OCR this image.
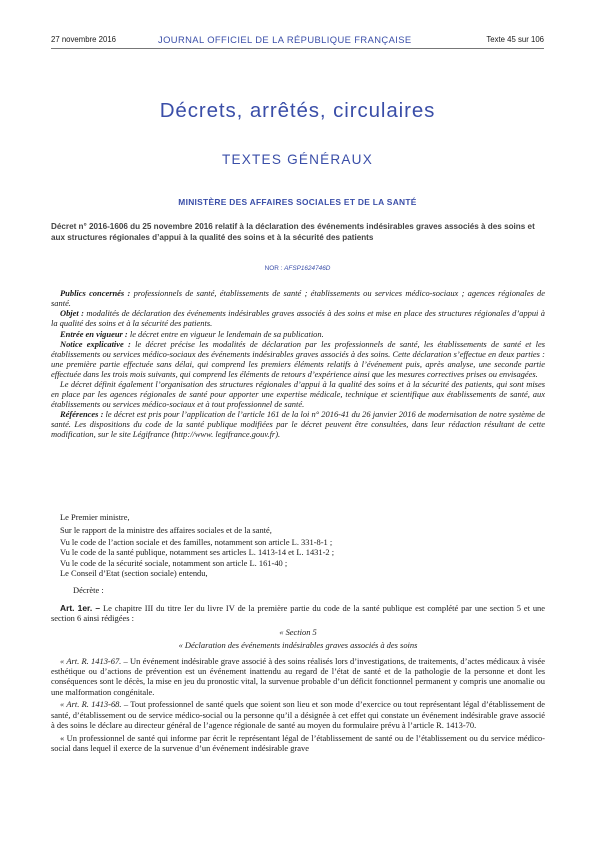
27 novembre 2016	JOURNAL OFFICIEL DE LA RÉPUBLIQUE FRANÇAISE	Texte 45 sur 106
Décrets, arrêtés, circulaires
TEXTES GÉNÉRAUX
MINISTÈRE DES AFFAIRES SOCIALES ET DE LA SANTÉ
Décret n° 2016-1606 du 25 novembre 2016 relatif à la déclaration des événements indésirables graves associés à des soins et aux structures régionales d’appui à la qualité des soins et à la sécurité des patients
NOR : AFSP1624746D

Publics concernés : professionnels de santé, établissements de santé ; établissements ou services médico-sociaux ; agences régionales de santé.

Objet : modalités de déclaration des événements indésirables graves associés à des soins et mise en place des structures régionales d’appui à la qualité des soins et à la sécurité des patients.

Entrée en vigueur : le décret entre en vigueur le lendemain de sa publication.

Notice explicative : le décret précise les modalités de déclaration par les professionnels de santé, les établissements de santé et les établissements ou services médico-sociaux des événements indésirables graves associés à des soins. Cette déclaration s’effectue en deux parties : une première partie effectuée sans délai, qui comprend les premiers éléments relatifs à l’événement puis, après analyse, une seconde partie effectuée dans les trois mois suivants, qui comprend les éléments de retours d’expérience ainsi que les mesures correctives prises ou envisagées.

Le décret définit également l’organisation des structures régionales d’appui à la qualité des soins et à la sécurité des patients, qui sont mises en place par les agences régionales de santé pour apporter une expertise médicale, technique et scientifique aux établissements de santé, aux établissements ou services médico-sociaux et à tout professionnel de santé.

Références : le décret est pris pour l’application de l’article 161 de la loi n° 2016-41 du 26 janvier 2016 de modernisation de notre système de santé. Les dispositions du code de la santé publique modifiées par le décret peuvent être consultées, dans leur rédaction résultant de cette modification, sur le site Légifrance (http://www. legifrance.gouv.fr).

Le Premier ministre,

Sur le rapport de la ministre des affaires sociales et de la santé,

Vu le code de l’action sociale et des familles, notamment son article L. 331-8-1 ;

Vu le code de la santé publique, notamment ses articles L. 1413-14 et L. 1431-2 ;

Vu le code de la sécurité sociale, notamment son article L. 161-40 ;

Le Conseil d’Etat (section sociale) entendu,

Décrète :

Art. 1er. – Le chapitre III du titre Ier du livre IV de la première partie du code de la santé publique est complété par une section 5 et une section 6 ainsi rédigées :

« Section 5

« Déclaration des événements indésirables graves associés à des soins

« Art. R. 1413-67. – Un événement indésirable grave associé à des soins réalisés lors d’investigations, de traitements, d’actes médicaux à visée esthétique ou d’actions de prévention est un événement inattendu au regard de l’état de santé et de la pathologie de la personne et dont les conséquences sont le décès, la mise en jeu du pronostic vital, la survenue probable d’un déficit fonctionnel permanent y compris une anomalie ou une malformation congénitale.

« Art. R. 1413-68. – Tout professionnel de santé quels que soient son lieu et son mode d’exercice ou tout représentant légal d’établissement de santé, d’établissement ou de service médico-social ou la personne qu’il a désignée à cet effet qui constate un événement indésirable grave associé à des soins le déclare au directeur général de l’agence régionale de santé au moyen du formulaire prévu à l’article R. 1413-70.

« Un professionnel de santé qui informe par écrit le représentant légal de l’établissement de santé ou de l’établissement ou du service médico-social dans lequel il exerce de la survenue d’un événement indésirable grave
